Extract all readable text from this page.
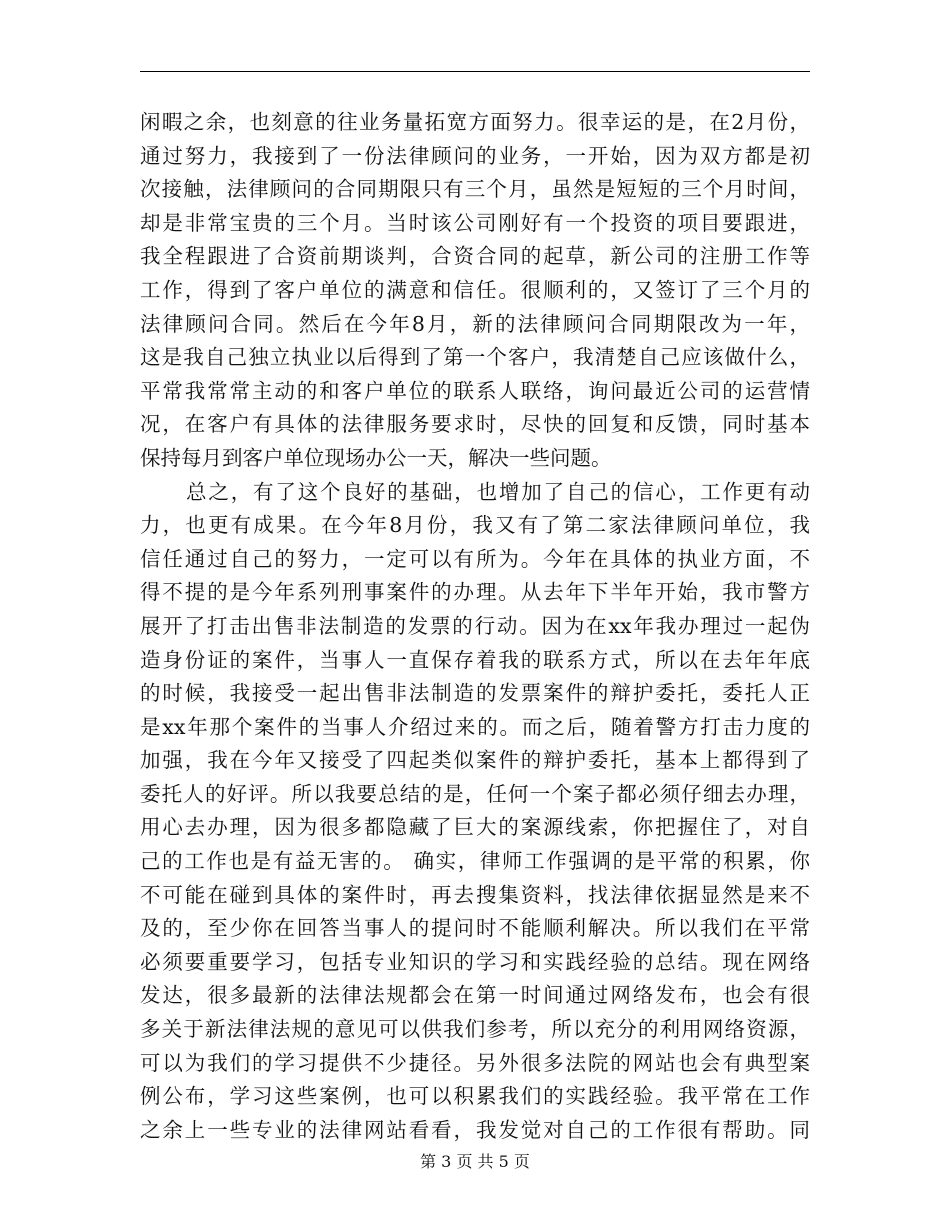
闲暇之余，也刻意的往业务量拓宽方面努力。很幸运的是，在2月份，
通过努力，我接到了一份法律顾问的业务，一开始，因为双方都是初
次接触，法律顾问的合同期限只有三个月，虽然是短短的三个月时间，
却是非常宝贵的三个月。当时该公司刚好有一个投资的项目要跟进，
我全程跟进了合资前期谈判，合资合同的起草，新公司的注册工作等
工作，得到了客户单位的满意和信任。很顺利的，又签订了三个月的
法律顾问合同。然后在今年8月，新的法律顾问合同期限改为一年，
这是我自己独立执业以后得到了第一个客户，我清楚自己应该做什么，
平常我常常主动的和客户单位的联系人联络，询问最近公司的运营情
况，在客户有具体的法律服务要求时，尽快的回复和反馈，同时基本
保持每月到客户单位现场办公一天，解决一些问题。
总之，有了这个良好的基础，也增加了自己的信心，工作更有动
力，也更有成果。在今年8月份，我又有了第二家法律顾问单位，我
信任通过自己的努力，一定可以有所为。今年在具体的执业方面，不
得不提的是今年系列刑事案件的办理。从去年下半年开始，我市警方
展开了打击出售非法制造的发票的行动。因为在xx年我办理过一起伪
造身份证的案件，当事人一直保存着我的联系方式，所以在去年年底
的时候，我接受一起出售非法制造的发票案件的辩护委托，委托人正
是xx年那个案件的当事人介绍过来的。而之后，随着警方打击力度的
加强，我在今年又接受了四起类似案件的辩护委托，基本上都得到了
委托人的好评。所以我要总结的是，任何一个案子都必须仔细去办理，
用心去办理，因为很多都隐藏了巨大的案源线索，你把握住了，对自
己的工作也是有益无害的。 确实，律师工作强调的是平常的积累，你
不可能在碰到具体的案件时，再去搜集资料，找法律依据显然是来不
及的，至少你在回答当事人的提问时不能顺利解决。所以我们在平常
必须要重要学习，包括专业知识的学习和实践经验的总结。现在网络
发达，很多最新的法律法规都会在第一时间通过网络发布，也会有很
多关于新法律法规的意见可以供我们参考，所以充分的利用网络资源，
可以为我们的学习提供不少捷径。另外很多法院的网站也会有典型案
例公布，学习这些案例，也可以积累我们的实践经验。我平常在工作
之余上一些专业的法律网站看看，我发觉对自己的工作很有帮助。同
第 3 页 共 5 页
